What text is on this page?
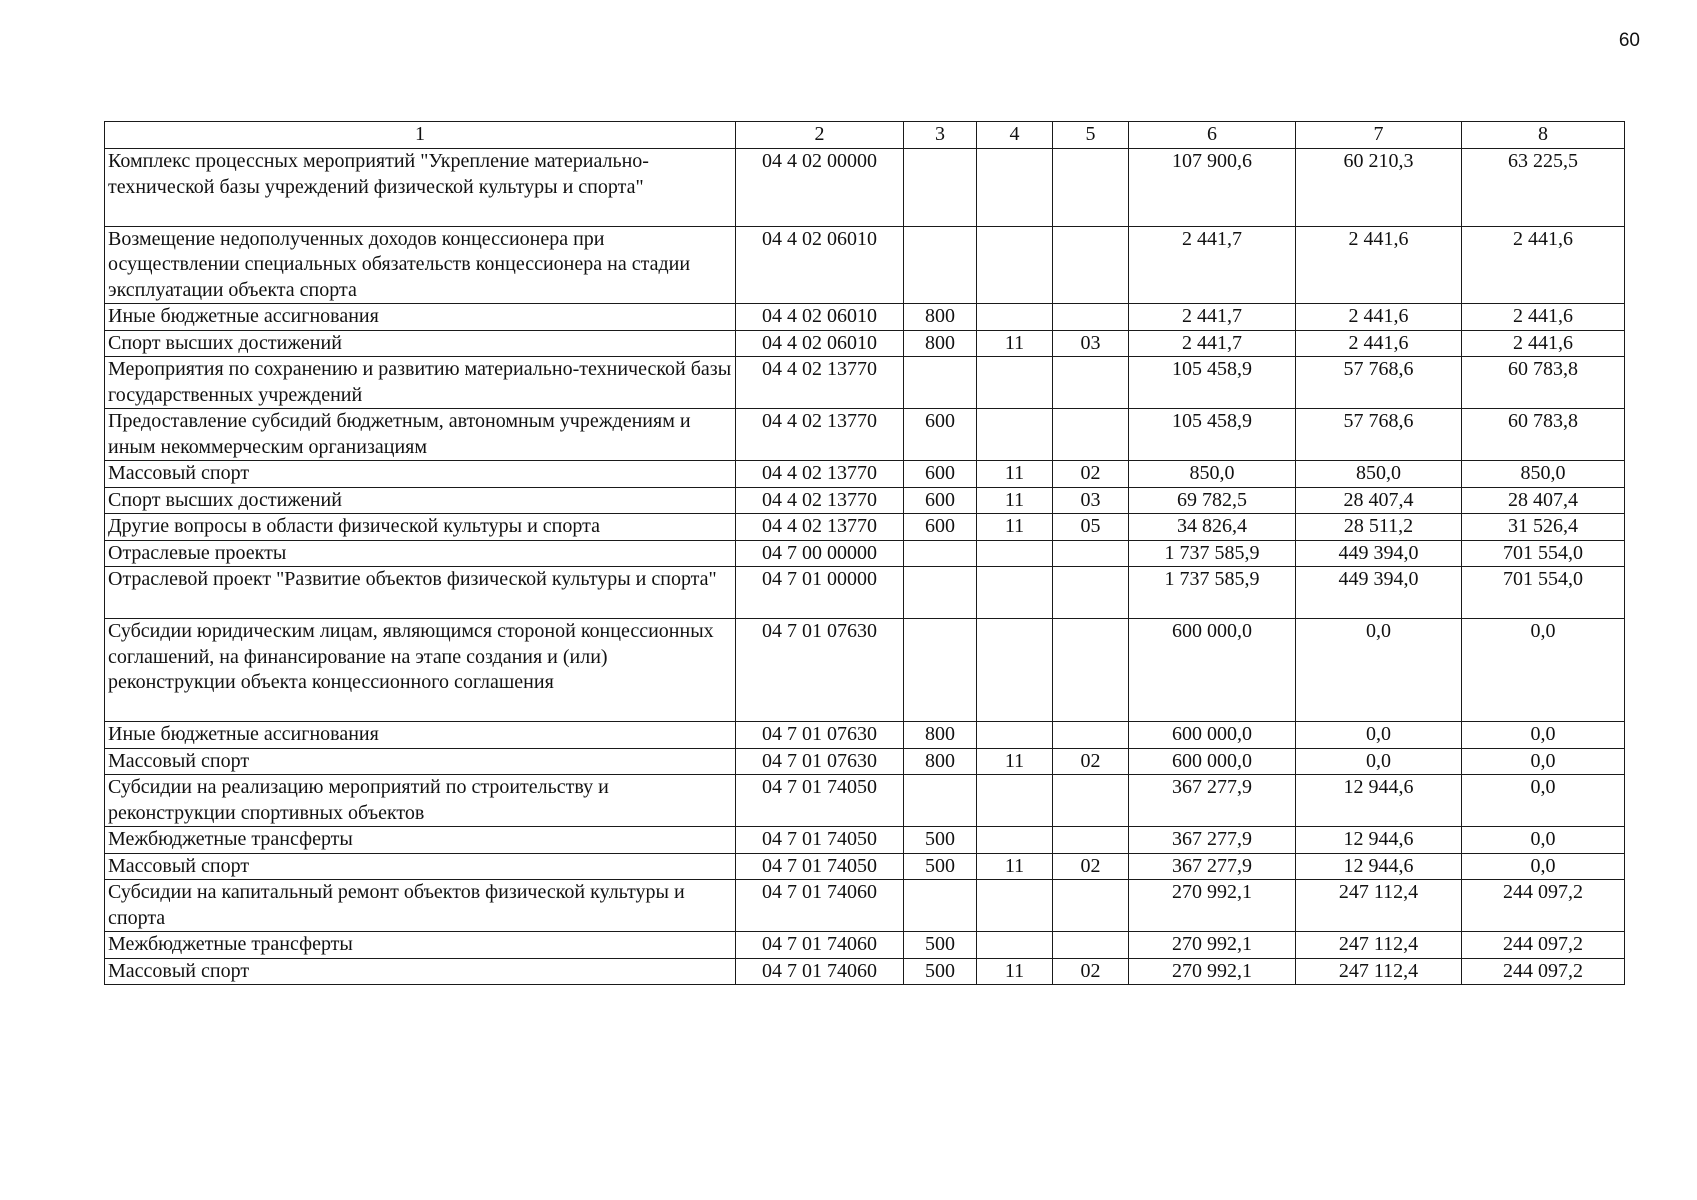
60
1	2	3	4	5	6	7	8
Комплекс процессных мероприятий "Укрепление материально-технической базы учреждений физической культуры и спорта"	04 4 02 00000				107 900,6	60 210,3	63 225,5
Возмещение недополученных доходов концессионера при осуществлении специальных обязательств концессионера на стадии эксплуатации объекта спорта	04 4 02 06010				2 441,7	2 441,6	2 441,6
Иные бюджетные ассигнования	04 4 02 06010	800			2 441,7	2 441,6	2 441,6
Спорт высших достижений	04 4 02 06010	800	11	03	2 441,7	2 441,6	2 441,6
Мероприятия по сохранению и развитию материально-технической базы государственных учреждений	04 4 02 13770				105 458,9	57 768,6	60 783,8
Предоставление субсидий бюджетным, автономным учреждениям и иным некоммерческим организациям	04 4 02 13770	600			105 458,9	57 768,6	60 783,8
Массовый спорт	04 4 02 13770	600	11	02	850,0	850,0	850,0
Спорт высших достижений	04 4 02 13770	600	11	03	69 782,5	28 407,4	28 407,4
Другие вопросы в области физической культуры и спорта	04 4 02 13770	600	11	05	34 826,4	28 511,2	31 526,4
Отраслевые проекты	04 7 00 00000				1 737 585,9	449 394,0	701 554,0
Отраслевой проект "Развитие объектов физической культуры и спорта"	04 7 01 00000				1 737 585,9	449 394,0	701 554,0
Субсидии юридическим лицам, являющимся стороной концессионных соглашений, на финансирование на этапе создания и (или) реконструкции объекта концессионного соглашения	04 7 01 07630				600 000,0	0,0	0,0
Иные бюджетные ассигнования	04 7 01 07630	800			600 000,0	0,0	0,0
Массовый спорт	04 7 01 07630	800	11	02	600 000,0	0,0	0,0
Субсидии на реализацию мероприятий по строительству и реконструкции спортивных объектов	04 7 01 74050				367 277,9	12 944,6	0,0
Межбюджетные трансферты	04 7 01 74050	500			367 277,9	12 944,6	0,0
Массовый спорт	04 7 01 74050	500	11	02	367 277,9	12 944,6	0,0
Субсидии на капитальный ремонт объектов физической культуры и спорта	04 7 01 74060				270 992,1	247 112,4	244 097,2
Межбюджетные трансферты	04 7 01 74060	500			270 992,1	247 112,4	244 097,2
Массовый спорт	04 7 01 74060	500	11	02	270 992,1	247 112,4	244 097,2
